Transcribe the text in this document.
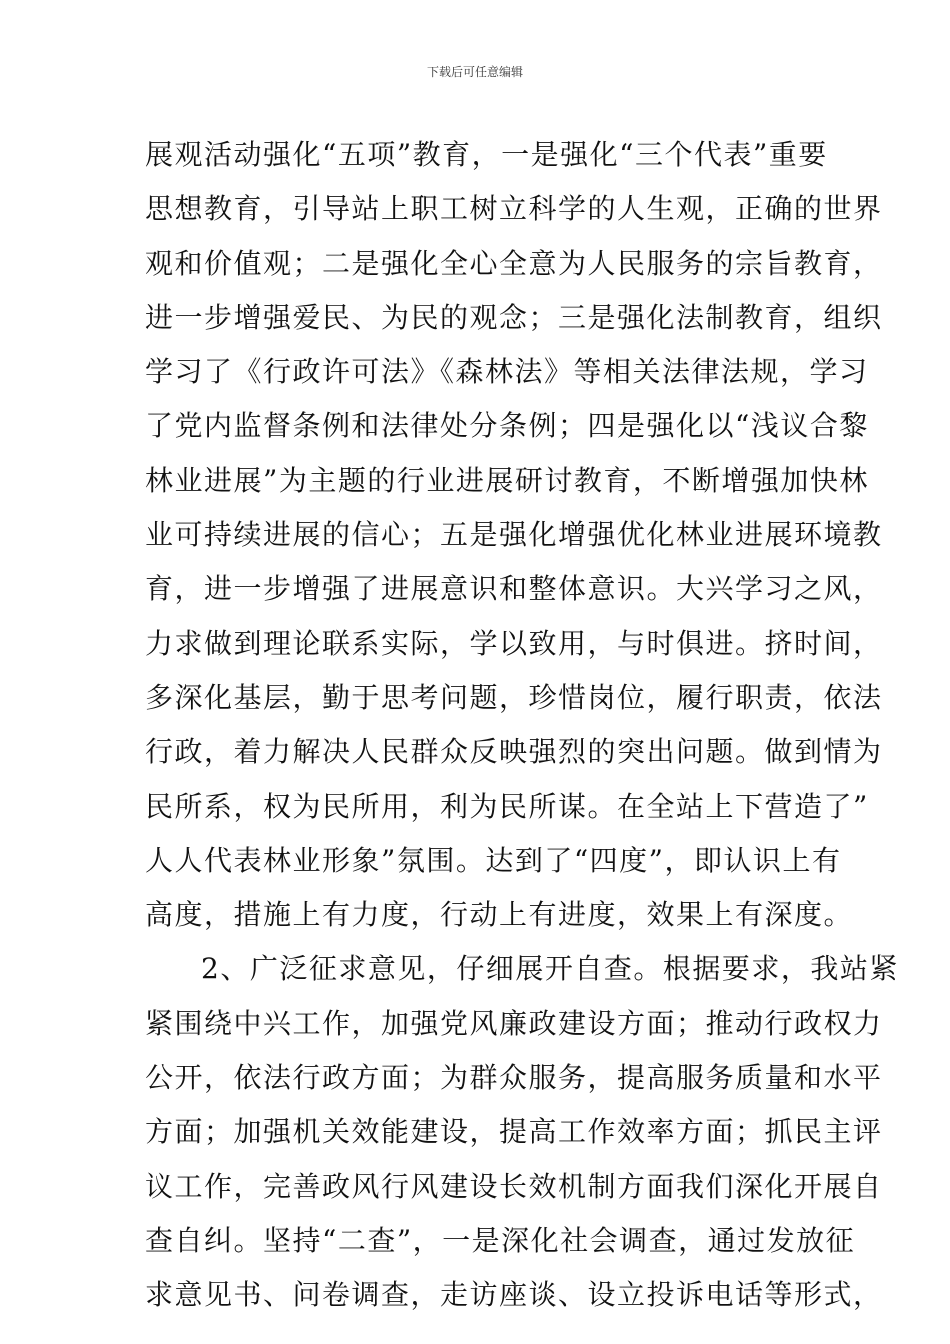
下载后可任意编辑
展观活动强化“五项”教育，一是强化“三个代表”重要
思想教育，引导站上职工树立科学的人生观，正确的世界
观和价值观；二是强化全心全意为人民服务的宗旨教育，
进一步增强爱民、为民的观念；三是强化法制教育，组织
学习了《行政许可法》《森林法》等相关法律法规，学习
了党内监督条例和法律处分条例；四是强化以“浅议合黎
林业进展”为主题的行业进展研讨教育，不断增强加快林
业可持续进展的信心；五是强化增强优化林业进展环境教
育，进一步增强了进展意识和整体意识。大兴学习之风，
力求做到理论联系实际，学以致用，与时俱进。挤时间，
多深化基层，勤于思考问题，珍惜岗位，履行职责，依法
行政，着力解决人民群众反映强烈的突出问题。做到情为
民所系，权为民所用，利为民所谋。在全站上下营造了”
人人代表林业形象”氛围。达到了“四度”，即认识上有
高度，措施上有力度，行动上有进度，效果上有深度。
2、广泛征求意见，仔细展开自查。根据要求，我站紧
紧围绕中兴工作，加强党风廉政建设方面；推动行政权力
公开，依法行政方面；为群众服务，提高服务质量和水平
方面；加强机关效能建设，提高工作效率方面；抓民主评
议工作，完善政风行风建设长效机制方面我们深化开展自
查自纠。坚持“二查”，一是深化社会调查，通过发放征
求意见书、问卷调查，走访座谈、设立投诉电话等形式，
